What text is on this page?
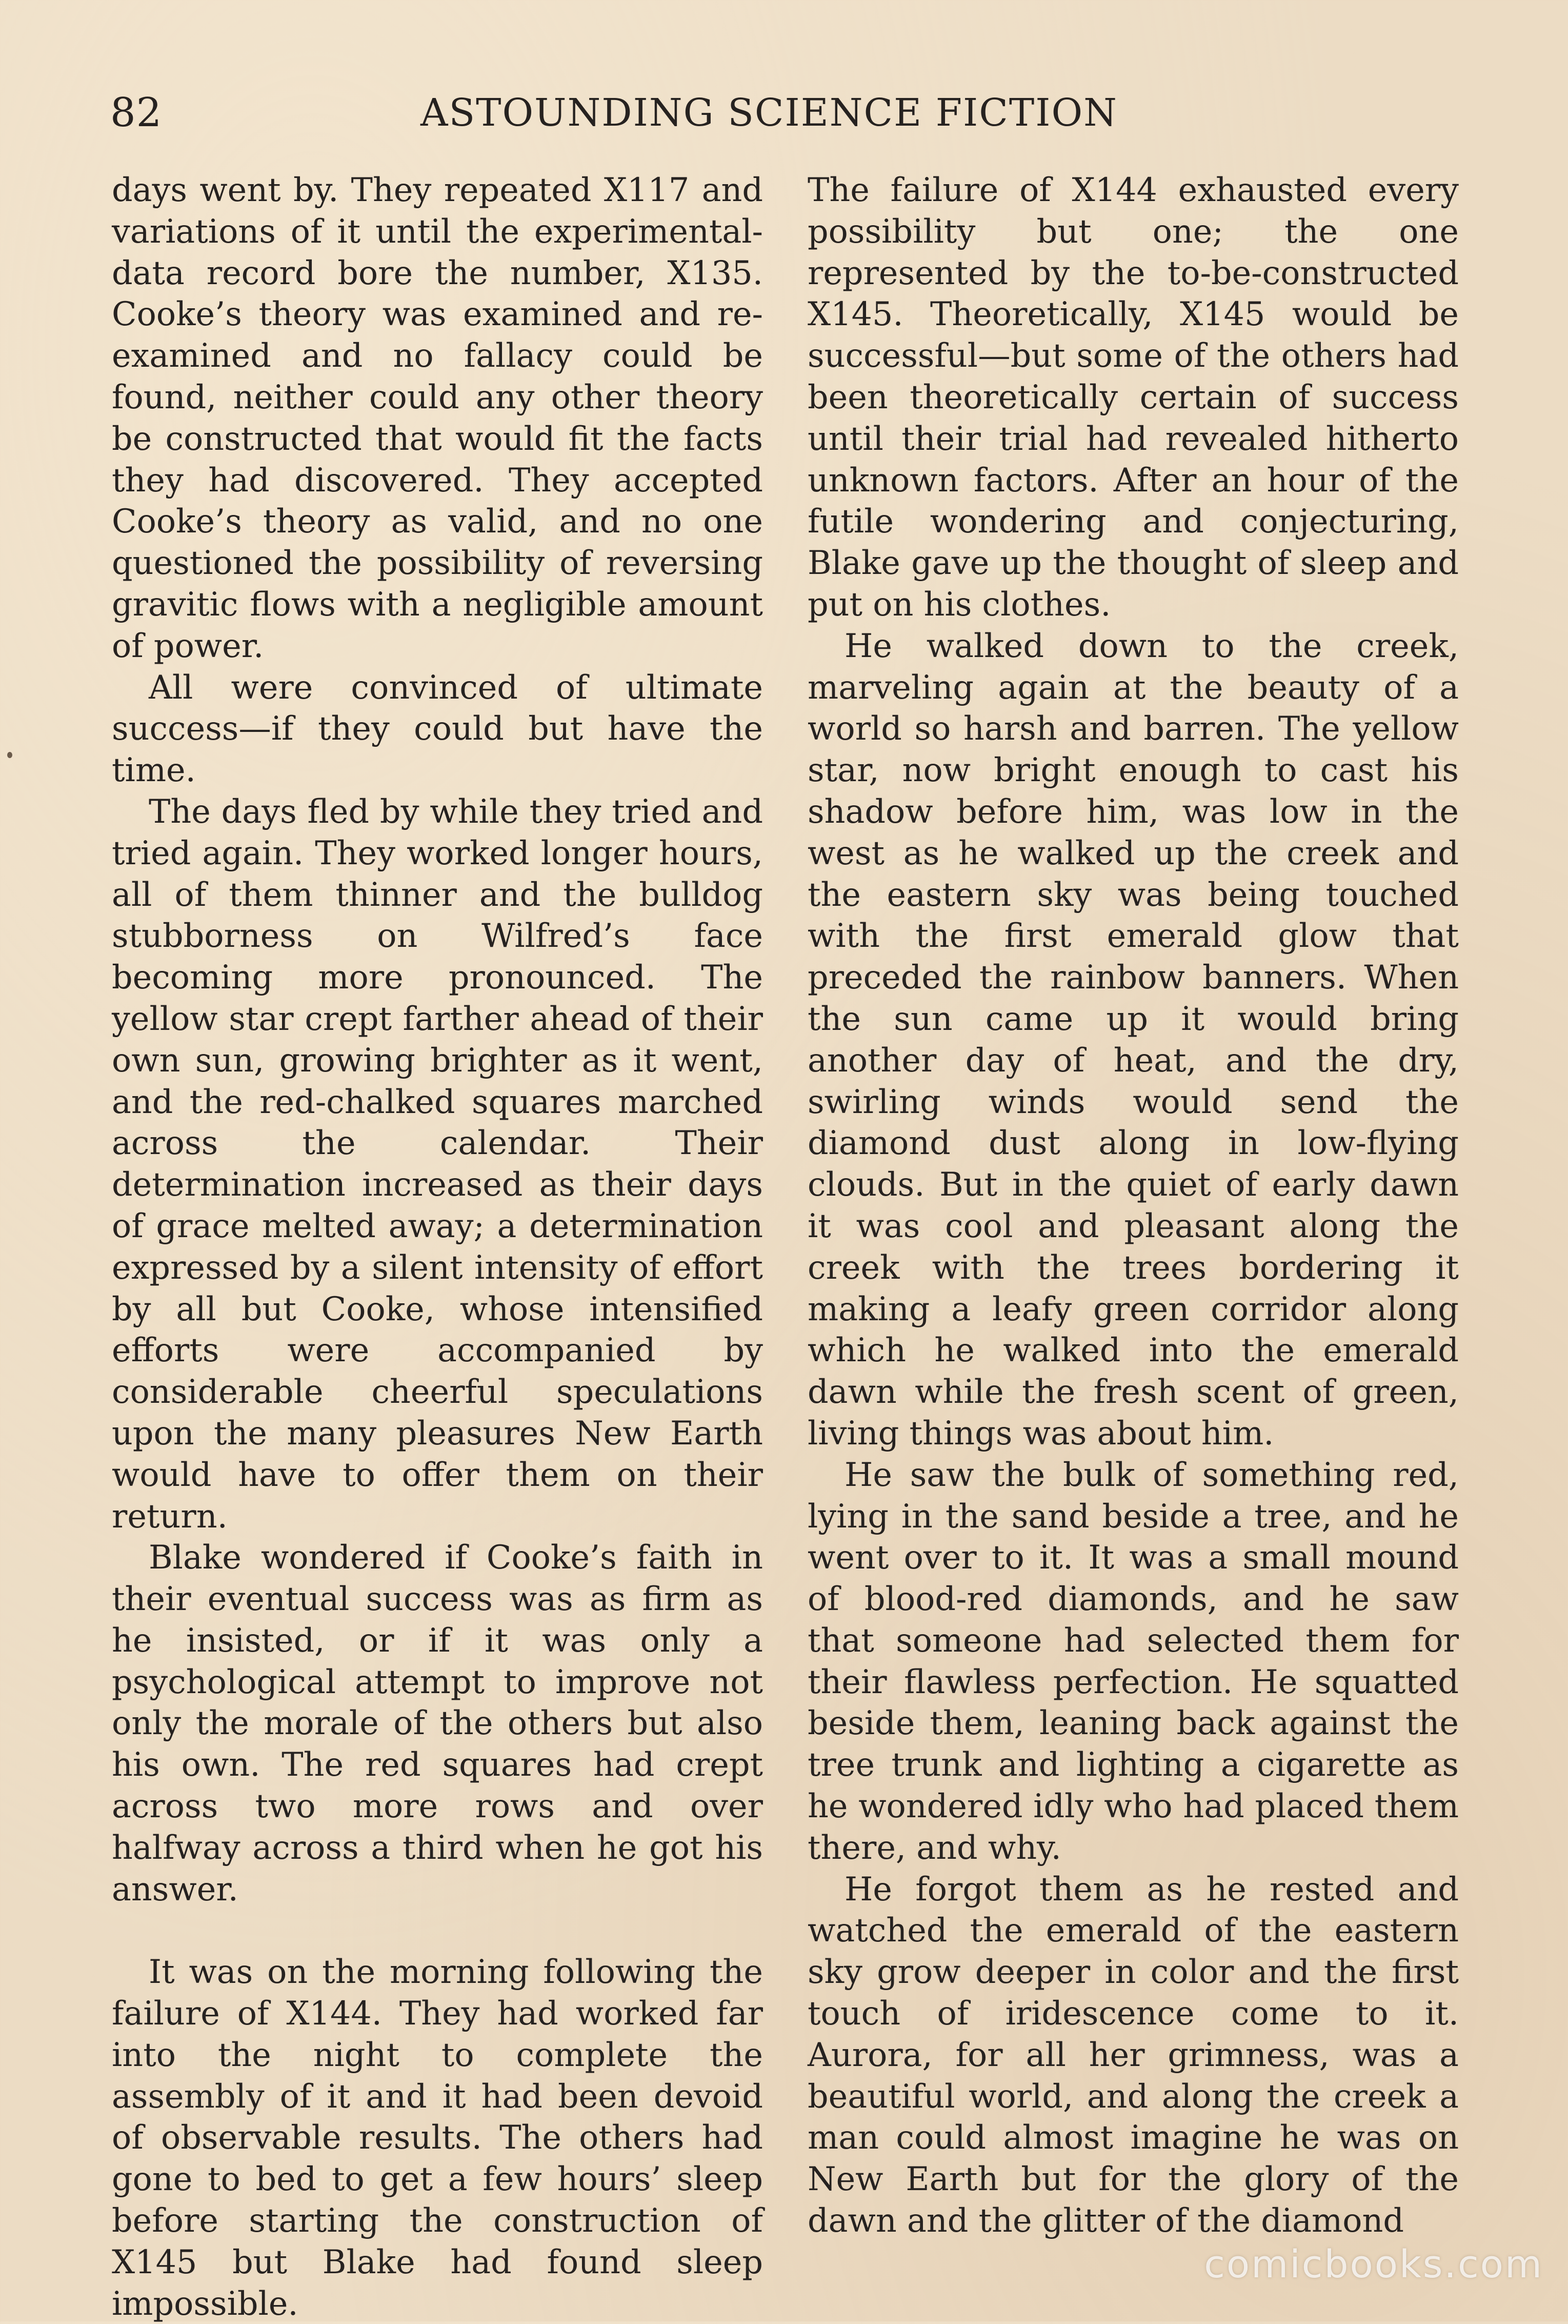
82	ASTOUNDING SCIENCE FICTION

days went by. They repeated X117 and variations of it until the experimental-data record bore the number, X135. Cooke’s theory was examined and re-examined and no fallacy could be found, neither could any other theory be constructed that would fit the facts they had discovered. They accepted Cooke’s theory as valid, and no one questioned the possibility of reversing gravitic flows with a negligible amount of power.

All were convinced of ultimate success—if they could but have the time.

The days fled by while they tried and tried again. They worked longer hours, all of them thinner and the bulldog stubborness on Wilfred’s face becoming more pronounced. The yellow star crept farther ahead of their own sun, growing brighter as it went, and the red-chalked squares marched across the calendar. Their determination increased as their days of grace melted away; a determination expressed by a silent intensity of effort by all but Cooke, whose intensified efforts were accompanied by considerable cheerful speculations upon the many pleasures New Earth would have to offer them on their return.

Blake wondered if Cooke’s faith in their eventual success was as firm as he insisted, or if it was only a psychological attempt to improve not only the morale of the others but also his own. The red squares had crept across two more rows and over halfway across a third when he got his answer.

It was on the morning following the failure of X144. They had worked far into the night to complete the assembly of it and it had been devoid of observable results. The others had gone to bed to get a few hours’ sleep before starting the construction of X145 but Blake had found sleep impossible.

The failure of X144 exhausted every possibility but one; the one represented by the to-be-constructed X145. Theoretically, X145 would be successful—but some of the others had been theoretically certain of success until their trial had revealed hitherto unknown factors. After an hour of the futile wondering and conjecturing, Blake gave up the thought of sleep and put on his clothes.

He walked down to the creek, marveling again at the beauty of a world so harsh and barren. The yellow star, now bright enough to cast his shadow before him, was low in the west as he walked up the creek and the eastern sky was being touched with the first emerald glow that preceded the rainbow banners. When the sun came up it would bring another day of heat, and the dry, swirling winds would send the diamond dust along in low-flying clouds. But in the quiet of early dawn it was cool and pleasant along the creek with the trees bordering it making a leafy green corridor along which he walked into the emerald dawn while the fresh scent of green, living things was about him.

He saw the bulk of something red, lying in the sand beside a tree, and he went over to it. It was a small mound of blood-red diamonds, and he saw that someone had selected them for their flawless perfection. He squatted beside them, leaning back against the tree trunk and lighting a cigarette as he wondered idly who had placed them there, and why.

He forgot them as he rested and watched the emerald of the eastern sky grow deeper in color and the first touch of iridescence come to it. Aurora, for all her grimness, was a beautiful world, and along the creek a man could almost imagine he was on New Earth but for the glory of the dawn and the glitter of the diamond

comicbooks.com
